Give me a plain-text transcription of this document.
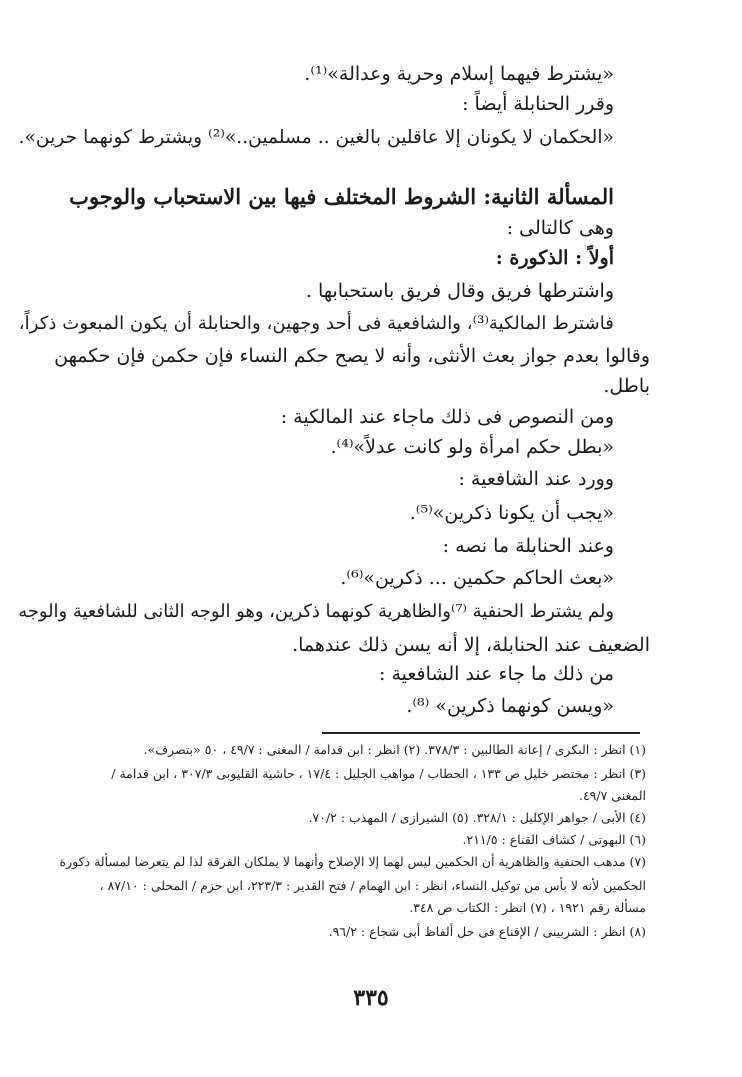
«يشترط فيهما إسلام وحرية وعدالة»⁽¹⁾.
وقرر الحنابلة أيضاً :
«الحكمان لا يكونان إلا عاقلين بالغين .. مسلمين..»⁽²⁾ ويشترط كونهما حرين».
المسألة الثانية: الشروط المختلف فيها بين الاستحباب والوجوب
وهى كالتالى :
أولاً : الذكورة :
واشترطها فريق وقال فريق باستحبابها .
فاشترط المالكية⁽³⁾، والشافعية فى أحد وجهين، والحنابلة أن يكون المبعوث ذكراً،
وقالوا بعدم جواز بعث الأنثى، وأنه لا يصح حكم النساء فإن حكمن فإن حكمهن
باطل.
ومن النصوص فى ذلك ماجاء عند المالكية :
«بطل حكم امرأة ولو كانت عدلاً»⁽⁴⁾.
وورد عند الشافعية :
«يجب أن يكونا ذكرين»⁽⁵⁾.
وعند الحنابلة ما نصه :
«بعث الحاكم حكمين ... ذكرين»⁽⁶⁾.
ولم يشترط الحنفية ⁽⁷⁾والظاهرية كونهما ذكرين، وهو الوجه الثانى للشافعية والوجه
الضعيف عند الحنابلة، إلا أنه يسن ذلك عندهما.
من ذلك ما جاء عند الشافعية :
«ويسن كونهما ذكرين» ⁽⁸⁾.
(١) انظر : البكرى / إعانة الطالبين : ٣٧٨/٣. (٢) انظر : ابن قدامة / المغنى : ٤٩/٧ ، ٥٠ «بتصرف».
(٣) انظر : مختصر خليل ص ١٣٣ ، الحطاب / مواهب الجليل : ١٧/٤ ، حاشية القليوبى ٣٠٧/٣ ، ابن قدامة /
المغنى ٤٩/٧.
(٤) الأبى / جواهر الإكليل : ٣٢٨/١. (٥) الشيرازى / المهذب : ٧٠/٢.
(٦) البهوتى / كشاف القناع : ٢١١/٥.
(٧) مذهب الحنفية والظاهرية أن الحكمين ليس لهما إلا الإصلاح وأنهما لا يملكان الفرقة لذا لم يتعرضا لمسألة ذكورة
الحكمين لأنه لا بأس من توكيل النساء، انظر : ابن الهمام / فتح القدير : ٢٢٣/٣، ابن حزم / المحلى : ٨٧/١٠ ،
مسألة رقم ١٩٢١ ، (٧) انظر : الكتاب ص ٣٤٨.
(٨) انظر : الشربينى / الإقناع فى حل ألفاظ أبى شجاع : ٩٦/٢.
٣٣٥
